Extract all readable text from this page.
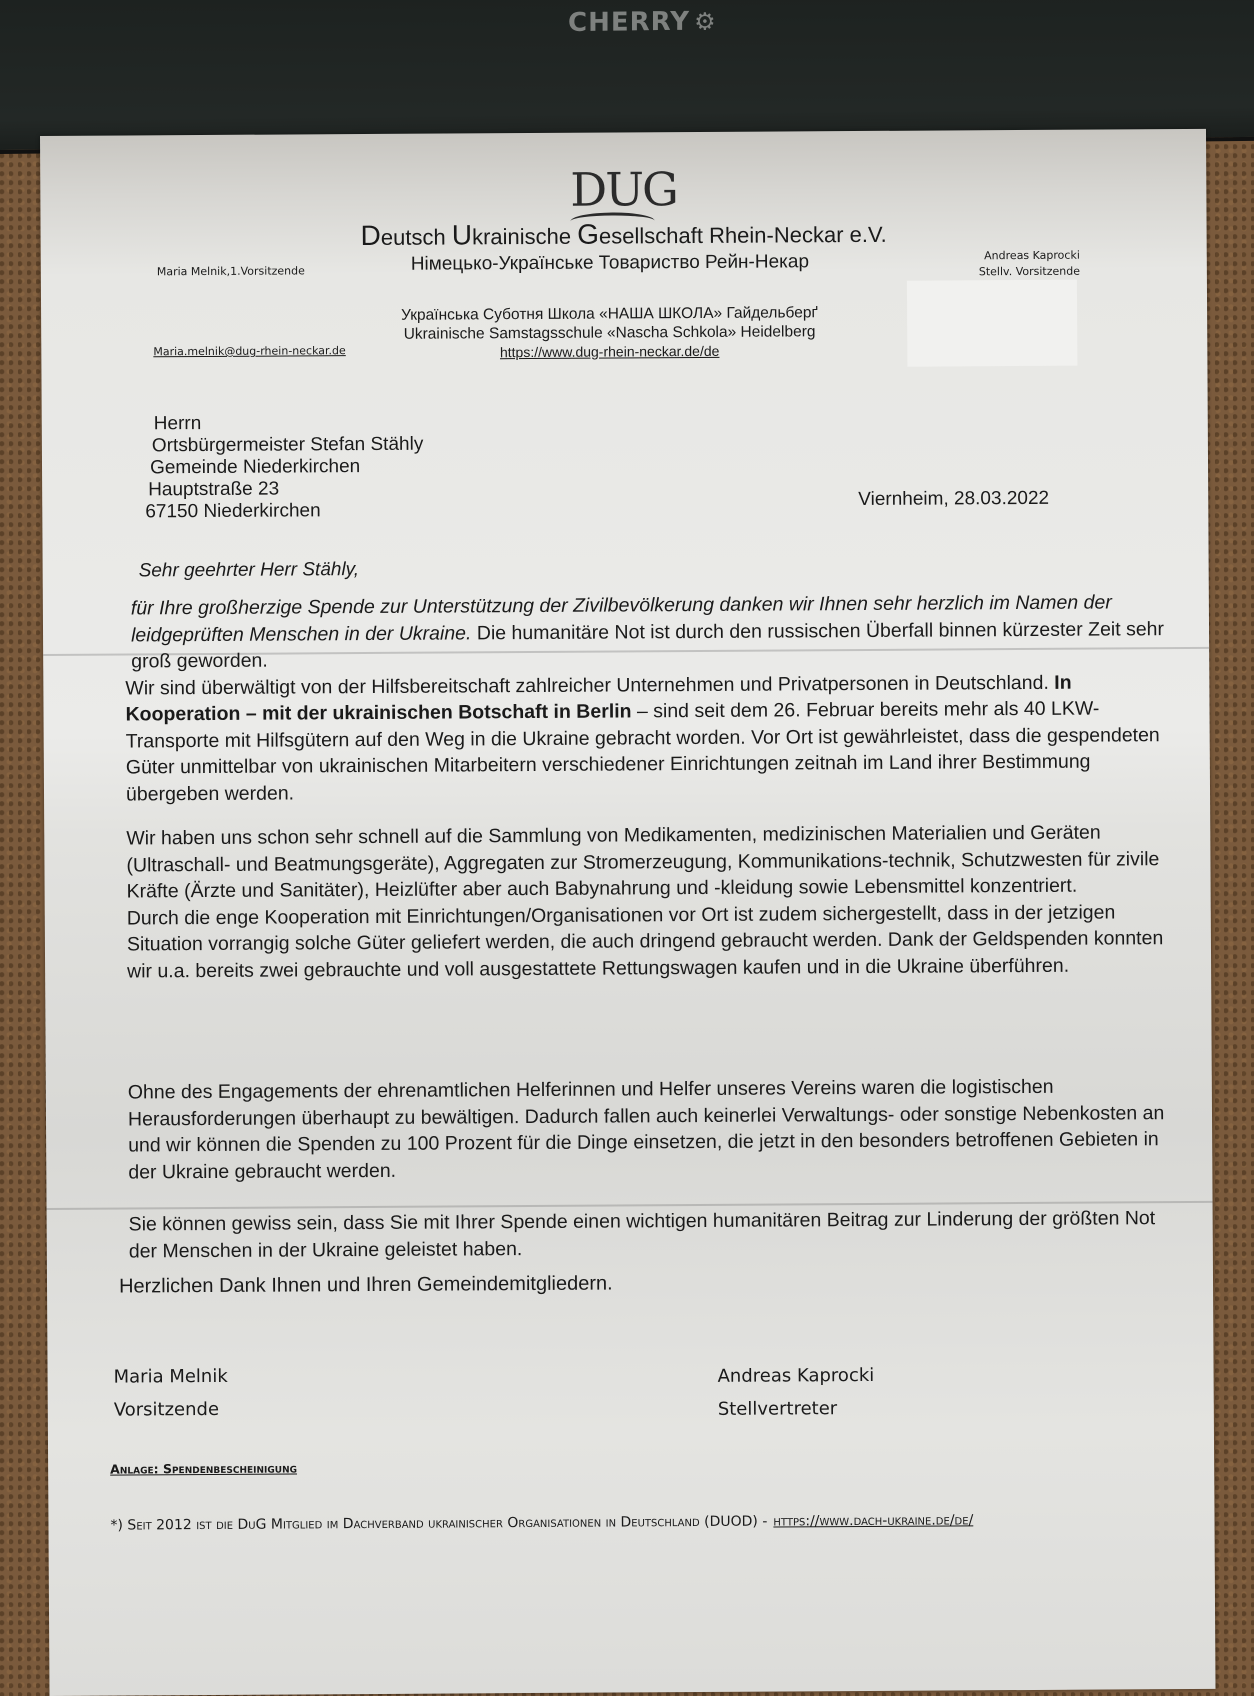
CHERRY ⚙
DUG
Deutsch Ukrainische Gesellschaft Rhein-Neckar e.V.
Німецько-Українське Товариство Рейн-Некар
Maria Melnik,1.Vorsitzende
Maria.melnik@dug-rhein-neckar.de
Andreas Kaprocki
Stellv. Vorsitzende
Українська Суботня Школа «НАША ШКОЛА» Гайдельберґ
Ukrainische Samstagsschule «Nascha Schkola» Heidelberg
https://www.dug-rhein-neckar.de/de
Herrn
Ortsbürgermeister Stefan Stähly
Gemeinde Niederkirchen
Hauptstraße 23
67150 Niederkirchen
Viernheim, 28.03.2022
Sehr geehrter Herr Stähly,
für Ihre großherzige Spende zur Unterstützung der Zivilbevölkerung danken wir Ihnen sehr herzlich im Namen der leidgeprüften Menschen in der Ukraine. Die humanitäre Not ist durch den russischen Überfall binnen kürzester Zeit sehr groß geworden.
Wir sind überwältigt von der Hilfsbereitschaft zahlreicher Unternehmen und Privatpersonen in Deutschland. In Kooperation – mit der ukrainischen Botschaft in Berlin – sind seit dem 26. Februar bereits mehr als 40 LKW-Transporte mit Hilfsgütern auf den Weg in die Ukraine gebracht worden. Vor Ort ist gewährleistet, dass die gespendeten Güter unmittelbar von ukrainischen Mitarbeitern verschiedener Einrichtungen zeitnah im Land ihrer Bestimmung übergeben werden.
Wir haben uns schon sehr schnell auf die Sammlung von Medikamenten, medizinischen Materialien und Geräten (Ultraschall- und Beatmungsgeräte), Aggregaten zur Stromerzeugung, Kommunikations-technik, Schutzwesten für zivile Kräfte (Ärzte und Sanitäter), Heizlüfter aber auch Babynahrung und -kleidung sowie Lebensmittel konzentriert.
Durch die enge Kooperation mit Einrichtungen/Organisationen vor Ort ist zudem sichergestellt, dass in der jetzigen Situation vorrangig solche Güter geliefert werden, die auch dringend gebraucht werden. Dank der Geldspenden konnten wir u.a. bereits zwei gebrauchte und voll ausgestattete Rettungswagen kaufen und in die Ukraine überführen.
Ohne des Engagements der ehrenamtlichen Helferinnen und Helfer unseres Vereins waren die logistischen Herausforderungen überhaupt zu bewältigen. Dadurch fallen auch keinerlei Verwaltungs- oder sonstige Nebenkosten an und wir können die Spenden zu 100 Prozent für die Dinge einsetzen, die jetzt in den besonders betroffenen Gebieten in der Ukraine gebraucht werden.
Sie können gewiss sein, dass Sie mit Ihrer Spende einen wichtigen humanitären Beitrag zur Linderung der größten Not der Menschen in der Ukraine geleistet haben.
Herzlichen Dank Ihnen und Ihren Gemeindemitgliedern.
Maria Melnik
Vorsitzende
Andreas Kaprocki
Stellvertreter
Anlage: Spendenbescheinigung
*) Seit 2012 ist die DuG Mitglied im Dachverband ukrainischer Organisationen in Deutschland (DUOD) - https://www.dach-ukraine.de/de/
